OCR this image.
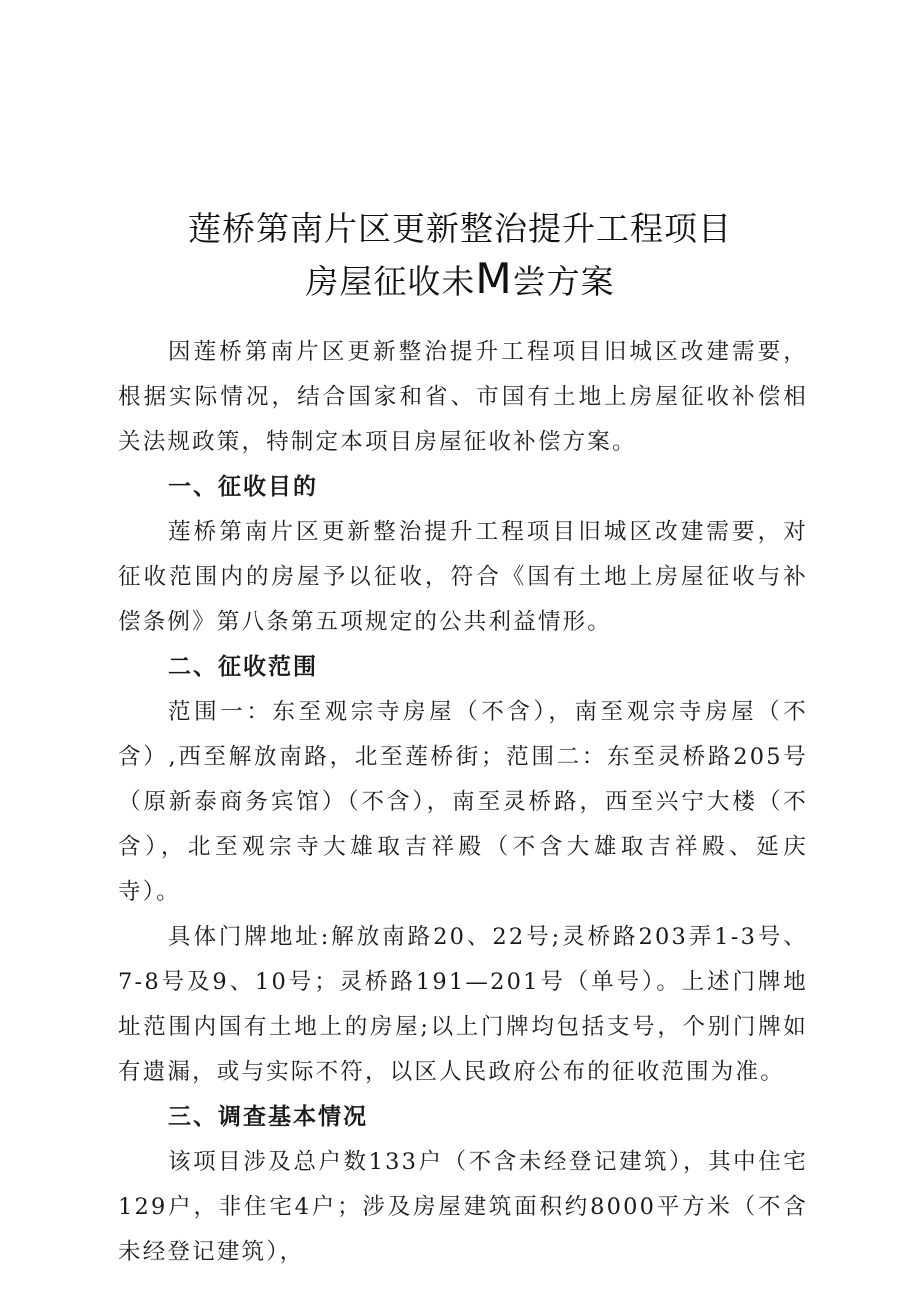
莲桥第南片区更新整治提升工程项目
房屋征收未M尝方案

因莲桥第南片区更新整治提升工程项目旧城区改建需要，根据实际情况，结合国家和省、市国有土地上房屋征收补偿相关法规政策，特制定本项目房屋征收补偿方案。

一、征收目的

莲桥第南片区更新整治提升工程项目旧城区改建需要，对征收范围内的房屋予以征收，符合《国有土地上房屋征收与补偿条例》第八条第五项规定的公共利益情形。

二、征收范围

范围一：东至观宗寺房屋（不含），南至观宗寺房屋（不含）,西至解放南路，北至莲桥街；范围二：东至灵桥路205号（原新泰商务宾馆）（不含），南至灵桥路，西至兴宁大楼（不含），北至观宗寺大雄取吉祥殿（不含大雄取吉祥殿、延庆寺）。

具体门牌地址:解放南路20、22号;灵桥路203弄1-3号、7-8号及9、10号；灵桥路191—201号（单号）。上述门牌地址范围内国有土地上的房屋;以上门牌均包括支号，个别门牌如有遗漏，或与实际不符，以区人民政府公布的征收范围为准。

三、调查基本情况

该项目涉及总户数133户（不含未经登记建筑），其中住宅129户，非住宅4户；涉及房屋建筑面积约8000平方米（不含未经登记建筑），
